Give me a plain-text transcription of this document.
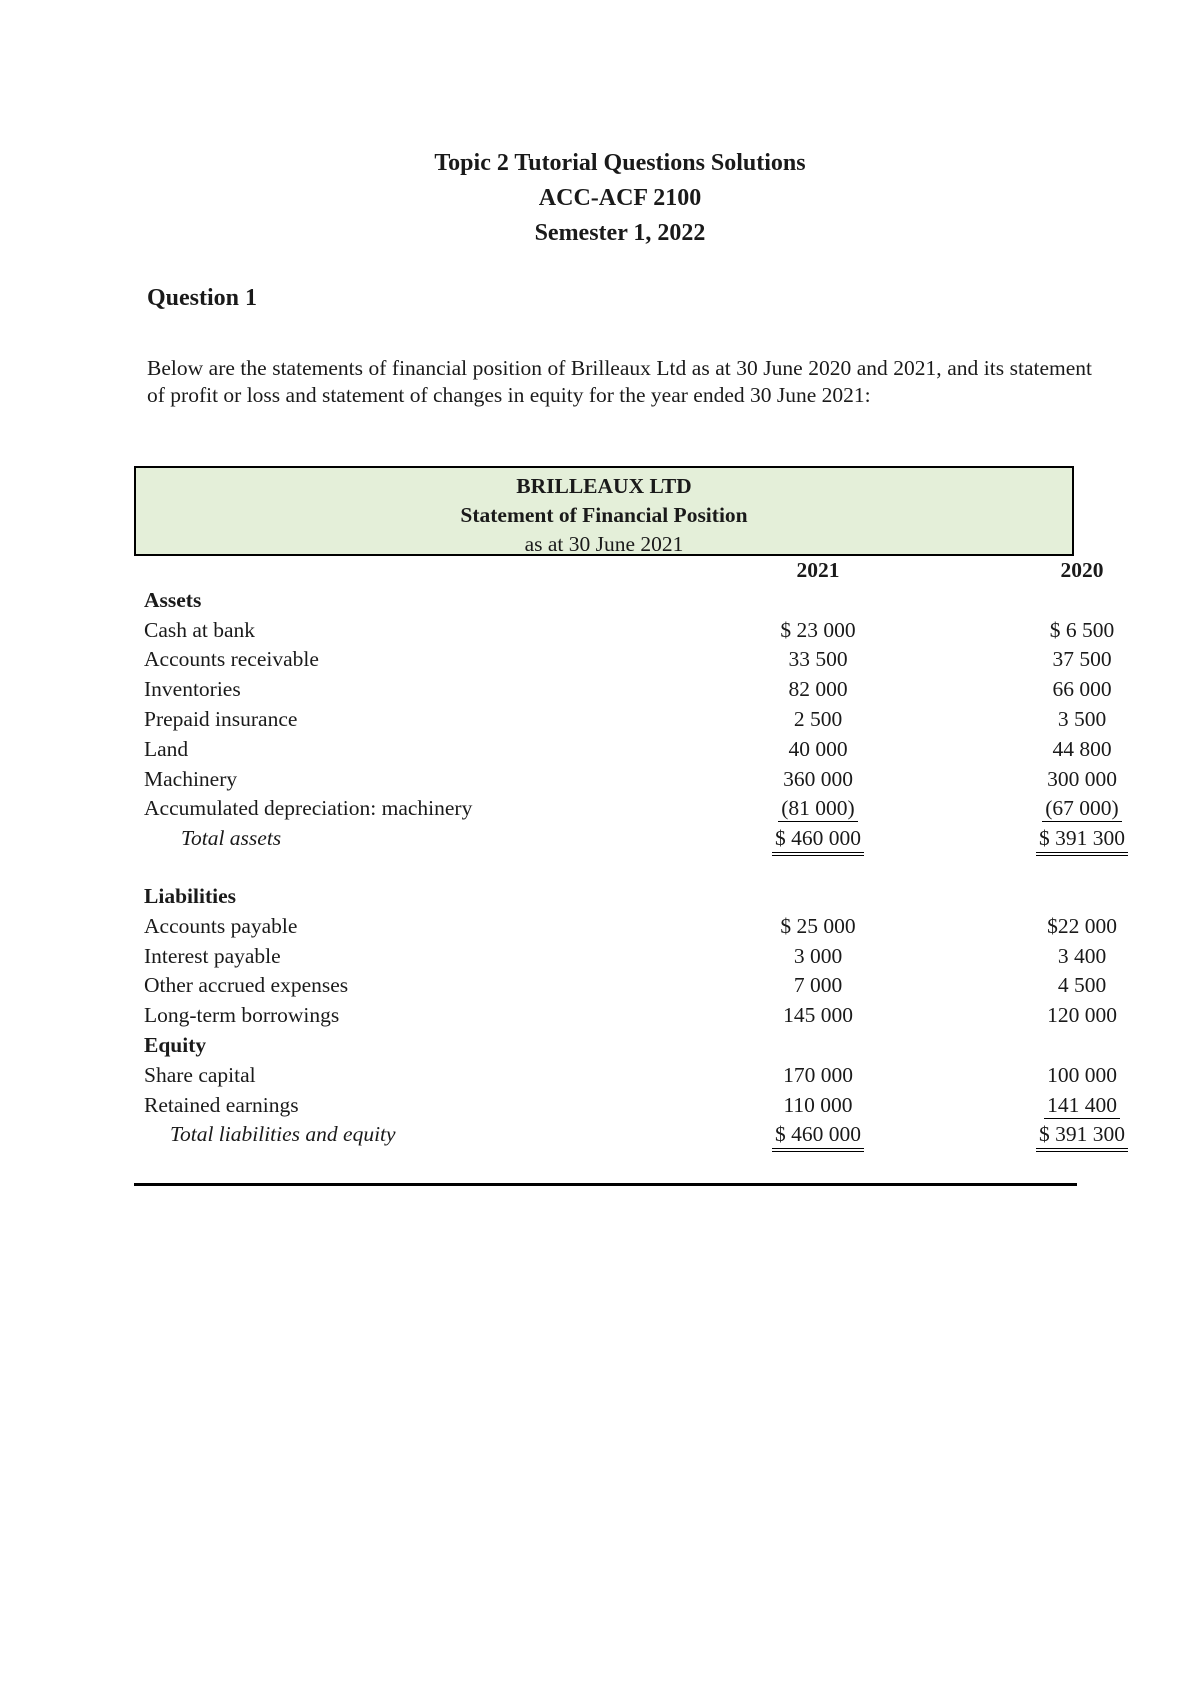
Topic 2 Tutorial Questions Solutions
ACC-ACF 2100
Semester 1, 2022
Question 1
Below are the statements of financial position of Brilleaux Ltd as at 30 June 2020 and 2021, and its statement of profit or loss and statement of changes in equity for the year ended 30 June 2021:
BRILLEAUX LTD
Statement of Financial Position
as at 30 June 2021
2021	2020
Assets
Cash at bank	$ 23 000	$ 6 500
Accounts receivable	33 500	37 500
Inventories	82 000	66 000
Prepaid insurance	2 500	3 500
Land	40 000	44 800
Machinery	360 000	300 000
Accumulated depreciation: machinery	(81 000)	(67 000)
Total assets	$ 460 000	$ 391 300
Liabilities
Accounts payable	$ 25 000	$22 000
Interest payable	3 000	3 400
Other accrued expenses	7 000	4 500
Long-term borrowings	145 000	120 000
Equity
Share capital	170 000	100 000
Retained earnings	110 000	141 400
Total liabilities and equity	$ 460 000	$ 391 300
